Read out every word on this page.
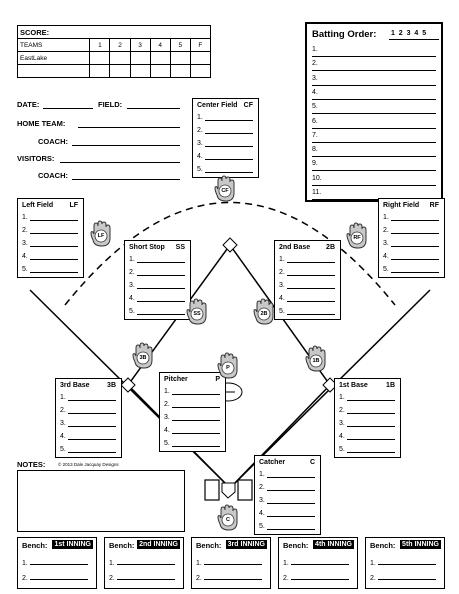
SCORE:						
TEAMS	1	2	3	4	5	F
EastLake						

Batting Order: 1 2 3 4 5
1.
2.
3.
4.
5.
6.
7.
8.
9.
10.
11.
DATE:	FIELD:
HOME TEAM:
COACH:
VISITORS:
COACH:
Center Field CF
1.
2.
3.
4.
5.
Left Field	LF
1.
2.
3.
4.
5.
Right Field	RF
1.
2.
3.
4.
5.
Short Stop	SS
1.
2.
3.
4.
5.
2nd Base	2B
1.
2.
3.
4.
5.
3rd Base	3B
1.
2.
3.
4.
5.
Pitcher	P
1.
2.
3.
4.
5.
1st Base	1B
1.
2.
3.
4.
5.
Catcher	C
1.
2.
3.
4.
5.
CF
LF	RF
SS	2B
3B
P
1B
C
NOTES:	© 2013 Dale Jacquay Designs
Bench: 1st INNING
1.
2.
Bench: 2nd INNING
1.
2.
Bench: 3rd INNING
1.
2.
Bench: 4th INNING
1.
2.
Bench: 5th INNING
1.
2.
